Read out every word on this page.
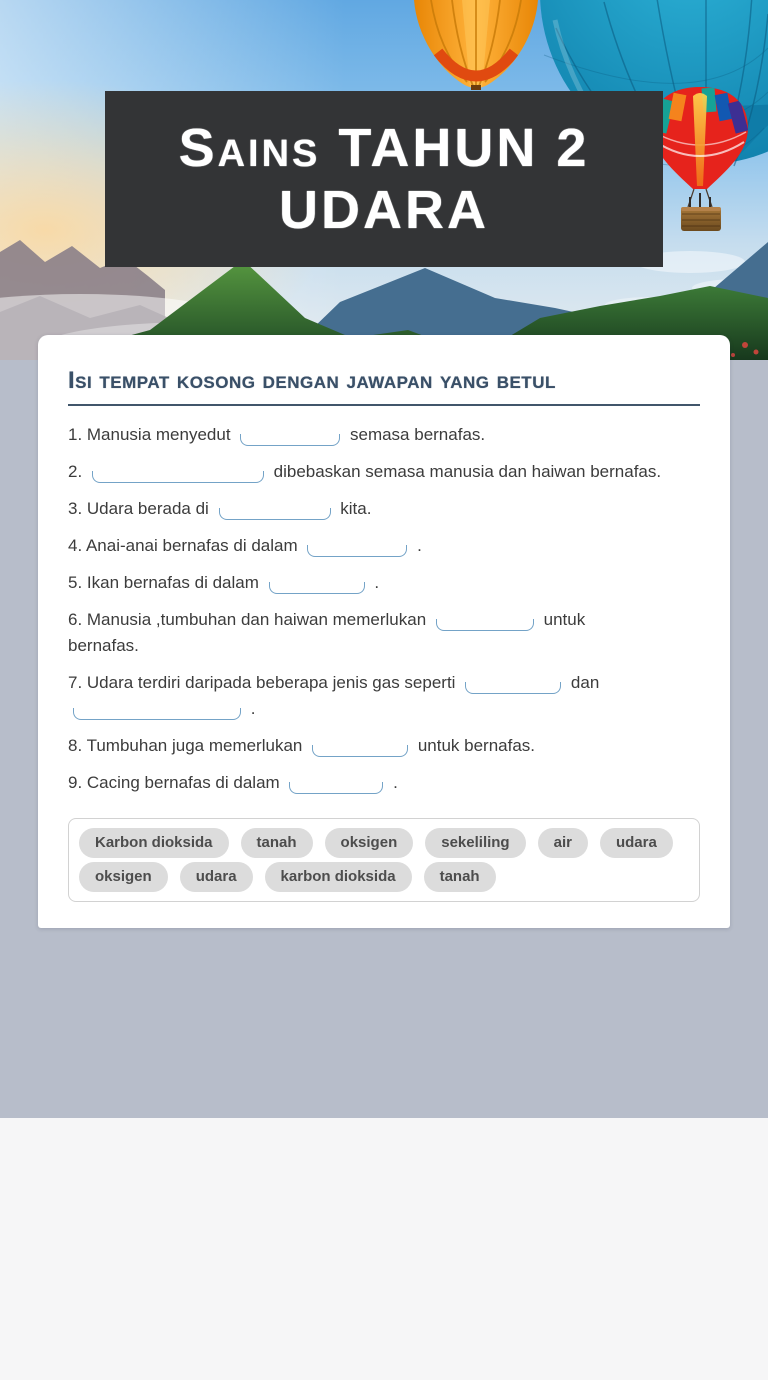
Sains TAHUN 2
UDARA
Isi tempat kosong dengan jawapan yang betul

1. Manusia menyedut	semasa bernafas.

2.	dibebaskan semasa manusia dan haiwan bernafas.

3. Udara berada di	kita.

4. Anai-anai bernafas di dalam	.

5. Ikan bernafas di dalam	.

6. Manusia ,tumbuhan dan haiwan memerlukan	untuk
bernafas.

7. Udara terdiri daripada beberapa jenis gas seperti	dan
.

8. Tumbuhan juga memerlukan	untuk bernafas.

9. Cacing bernafas di dalam	.

Karbon dioksida	tanah	oksigen	sekeliling	air	udara
oksigen	udara	karbon dioksida	tanah
